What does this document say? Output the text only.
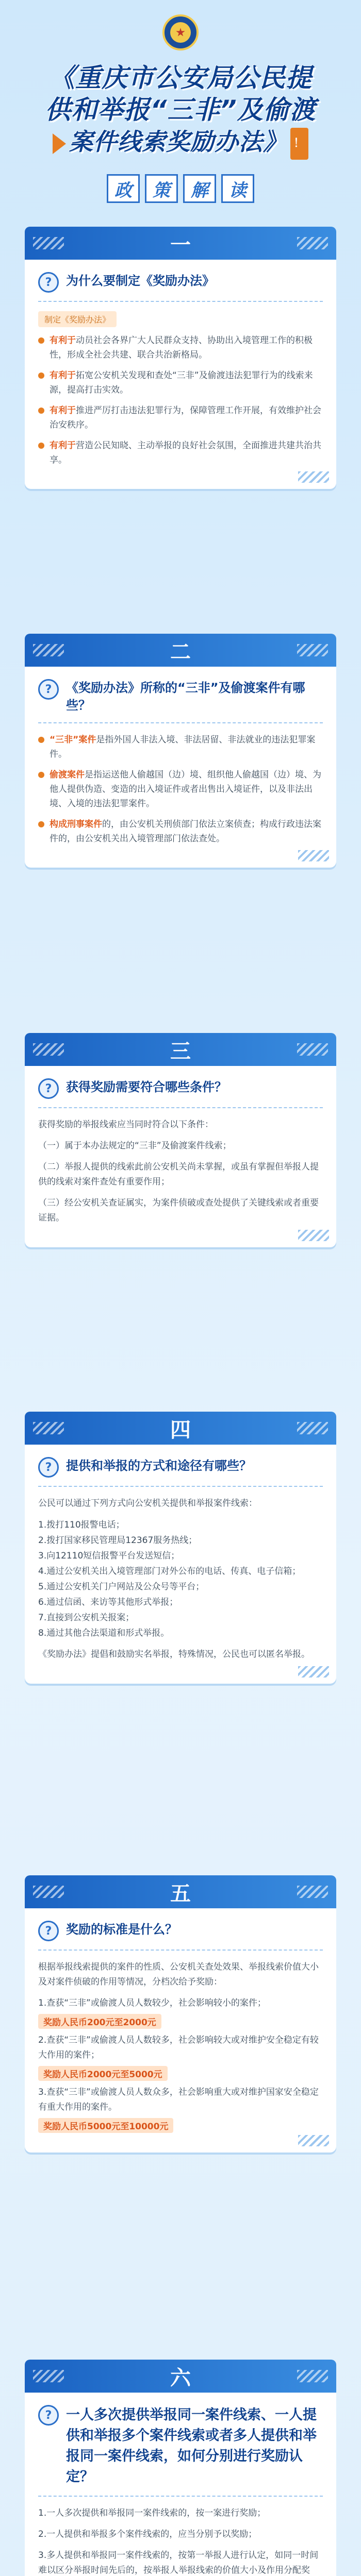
《重庆市公安局公民提
供和举报“三非”及偷渡
案件线索奖励办法》 ！
政	策	解	读
一
?	为什么要制定《奖励办法》
制定《奖励办法》
有利于动员社会各界广大人民群众支持、协助出入境管理工作的积极性，形成全社会共建、联合共治新格局。
有利于拓宽公安机关发现和查处“三非”及偷渡违法犯罪行为的线索来源，提高打击实效。
有利于推进严厉打击违法犯罪行为，保障管理工作开展，有效维护社会治安秩序。
有利于营造公民知晓、主动举报的良好社会氛围，全面推进共建共治共享。
二
?	《奖励办法》所称的“三非”及偷渡案件有哪些？
“三非”案件是指外国人非法入境、非法居留、非法就业的违法犯罪案件。
偷渡案件是指运送他人偷越国（边）境、组织他人偷越国（边）境、为他人提供伪造、变造的出入境证件或者出售出入境证件，以及非法出境、入境的违法犯罪案件。
构成刑事案件的，由公安机关刑侦部门依法立案侦查；构成行政违法案件的，由公安机关出入境管理部门依法查处。
三
?	获得奖励需要符合哪些条件？
获得奖励的举报线索应当同时符合以下条件：
（一）属于本办法规定的“三非”及偷渡案件线索；
（二）举报人提供的线索此前公安机关尚未掌握，或虽有掌握但举报人提供的线索对案件查处有重要作用；
（三）经公安机关查证属实，为案件侦破或查处提供了关键线索或者重要证据。
四
?	提供和举报的方式和途径有哪些？
公民可以通过下列方式向公安机关提供和举报案件线索：
1.拨打110报警电话；
2.拨打国家移民管理局12367服务热线；
3.向12110短信报警平台发送短信；
4.通过公安机关出入境管理部门对外公布的电话、传真、电子信箱；
5.通过公安机关门户网站及公众号等平台；
6.通过信函、来访等其他形式举报；
7.直接到公安机关报案；
8.通过其他合法渠道和形式举报。
《奖励办法》提倡和鼓励实名举报，特殊情况，公民也可以匿名举报。
五
?	奖励的标准是什么？
根据举报线索提供的案件的性质、公安机关查处效果、举报线索价值大小及对案件侦破的作用等情况，分档次给予奖励：
1.查获“三非”或偷渡人员人数较少，社会影响较小的案件；
奖励人民币200元至2000元
2.查获“三非”或偷渡人员人数较多，社会影响较大或对维护安全稳定有较大作用的案件；
奖励人民币2000元至5000元
3.查获“三非”或偷渡人员人数众多，社会影响重大或对维护国家安全稳定有重大作用的案件。
奖励人民币5000元至10000元
六
?	一人多次提供举报同一案件线索、一人提供和举报多个案件线索或者多人提供和举报同一案件线索，如何分别进行奖励认定？
1.一人多次提供和举报同一案件线索的，按一案进行奖励；
2.一人提供和举报多个案件线索的，应当分别予以奖励；
3.多人提供和举报同一案件线索的，按第一举报人进行认定，如同一时间难以区分举报时间先后的，按举报人举报线索的价值大小及作用分配奖
